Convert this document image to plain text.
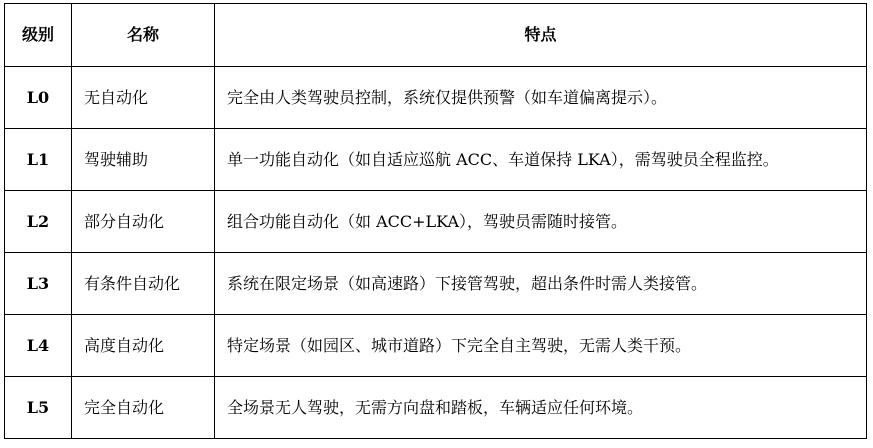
级别	名称	特点
L0	无自动化	完全由人类驾驶员控制，系统仅提供预警（如车道偏离提示）。
L1	驾驶辅助	单一功能自动化（如自适应巡航 ACC、车道保持 LKA），需驾驶员全程监控。
L2	部分自动化	组合功能自动化（如 ACC+LKA），驾驶员需随时接管。
L3	有条件自动化	系统在限定场景（如高速路）下接管驾驶，超出条件时需人类接管。
L4	高度自动化	特定场景（如园区、城市道路）下完全自主驾驶，无需人类干预。
L5	完全自动化	全场景无人驾驶，无需方向盘和踏板，车辆适应任何环境。
